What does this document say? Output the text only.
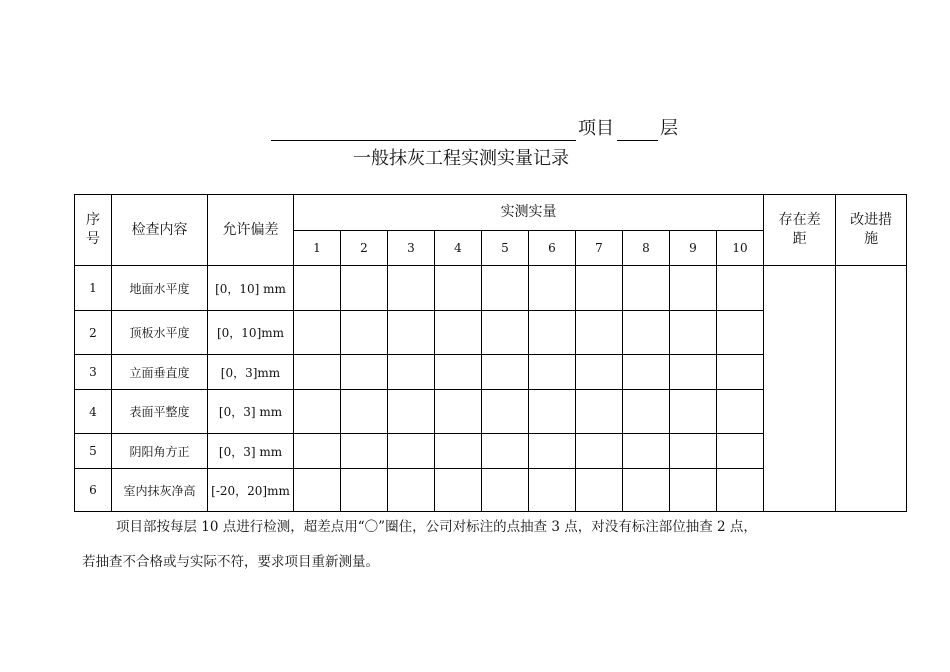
项目	层
一般抹灰工程实测实量记录
序号	检查内容	允许偏差	实测实量										存在差距	改进措施
			1	2	3	4	5	6	7	8	9	10		
1	地面水平度	[0，10] mm												
2	顶板水平度	[0，10]mm												
3	立面垂直度	[0，3]mm												
4	表面平整度	[0，3] mm												
5	阴阳角方正	[0，3] mm												
6	室内抹灰净高	[-20，20]mm												
项目部按每层 10 点进行检测，超差点用“〇”圈住，公司对标注的点抽查 3 点，对没有标注部位抽查 2 点，
若抽查不合格或与实际不符，要求项目重新测量。
